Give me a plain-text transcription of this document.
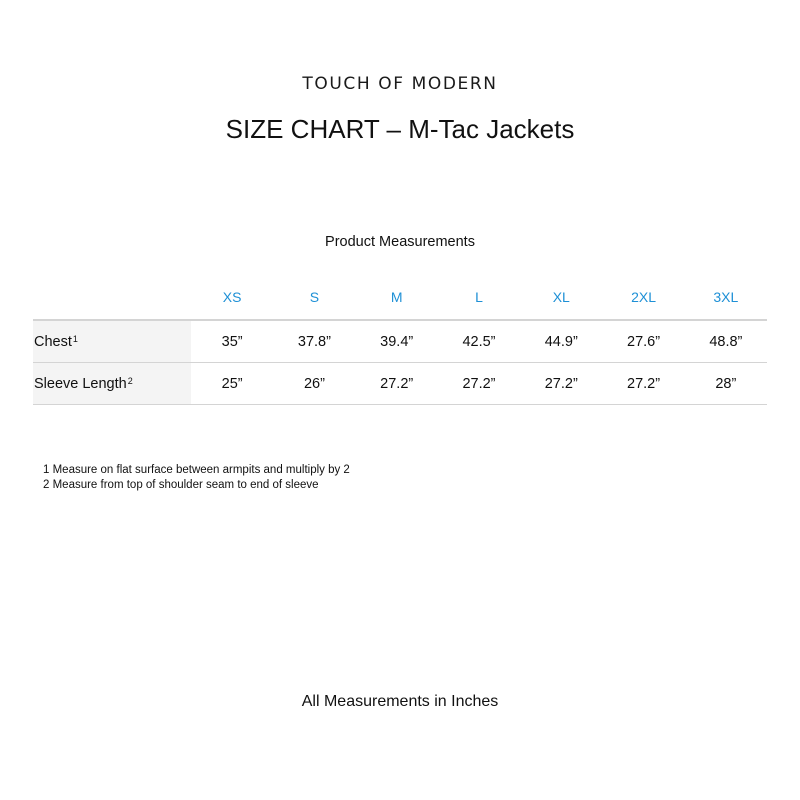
TOUCH OF MODERN
SIZE CHART – M-Tac Jackets
Product Measurements
	XS	S	M	L	XL	2XL	3XL
Chest$^1$	35”	37.8”	39.4”	42.5”	44.9”	27.6”	48.8”
Sleeve Length$^2$	25”	26”	27.2”	27.2”	27.2”	27.2”	28”
1 Measure on flat surface between armpits and multiply by 2
2 Measure from top of shoulder seam to end of sleeve
All Measurements in Inches
